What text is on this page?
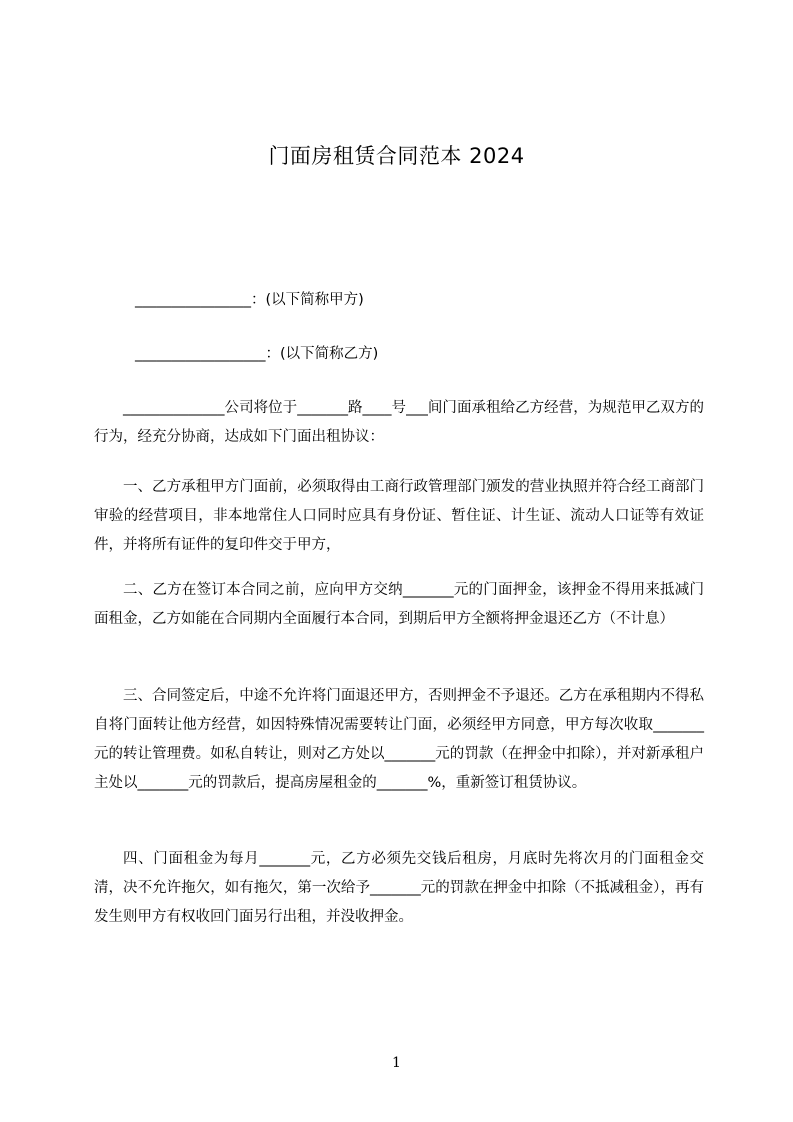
门面房租赁合同范本 2024
________________：(以下简称甲方)
__________________：(以下简称乙方)

______________公司将位于_______路____号___间门面承租给乙方经营，为规范甲乙双方的行为，经充分协商，达成如下门面出租协议：

一、乙方承租甲方门面前，必须取得由工商行政管理部门颁发的营业执照并符合经工商部门审验的经营项目，非本地常住人口同时应具有身份证、暂住证、计生证、流动人口证等有效证件，并将所有证件的复印件交于甲方，

二、乙方在签订本合同之前，应向甲方交纳_______元的门面押金，该押金不得用来抵减门面租金，乙方如能在合同期内全面履行本合同，到期后甲方全额将押金退还乙方（不计息）

三、合同签定后，中途不允许将门面退还甲方，否则押金不予退还。乙方在承租期内不得私自将门面转让他方经营，如因特殊情况需要转让门面，必须经甲方同意，甲方每次收取_______元的转让管理费。如私自转让，则对乙方处以_______元的罚款（在押金中扣除），并对新承租户主处以_______元的罚款后，提高房屋租金的_______%，重新签订租赁协议。

四、门面租金为每月_______元，乙方必须先交钱后租房，月底时先将次月的门面租金交清，决不允许拖欠，如有拖欠，第一次给予_______元的罚款在押金中扣除（不抵减租金），再有发生则甲方有权收回门面另行出租，并没收押金。

1
